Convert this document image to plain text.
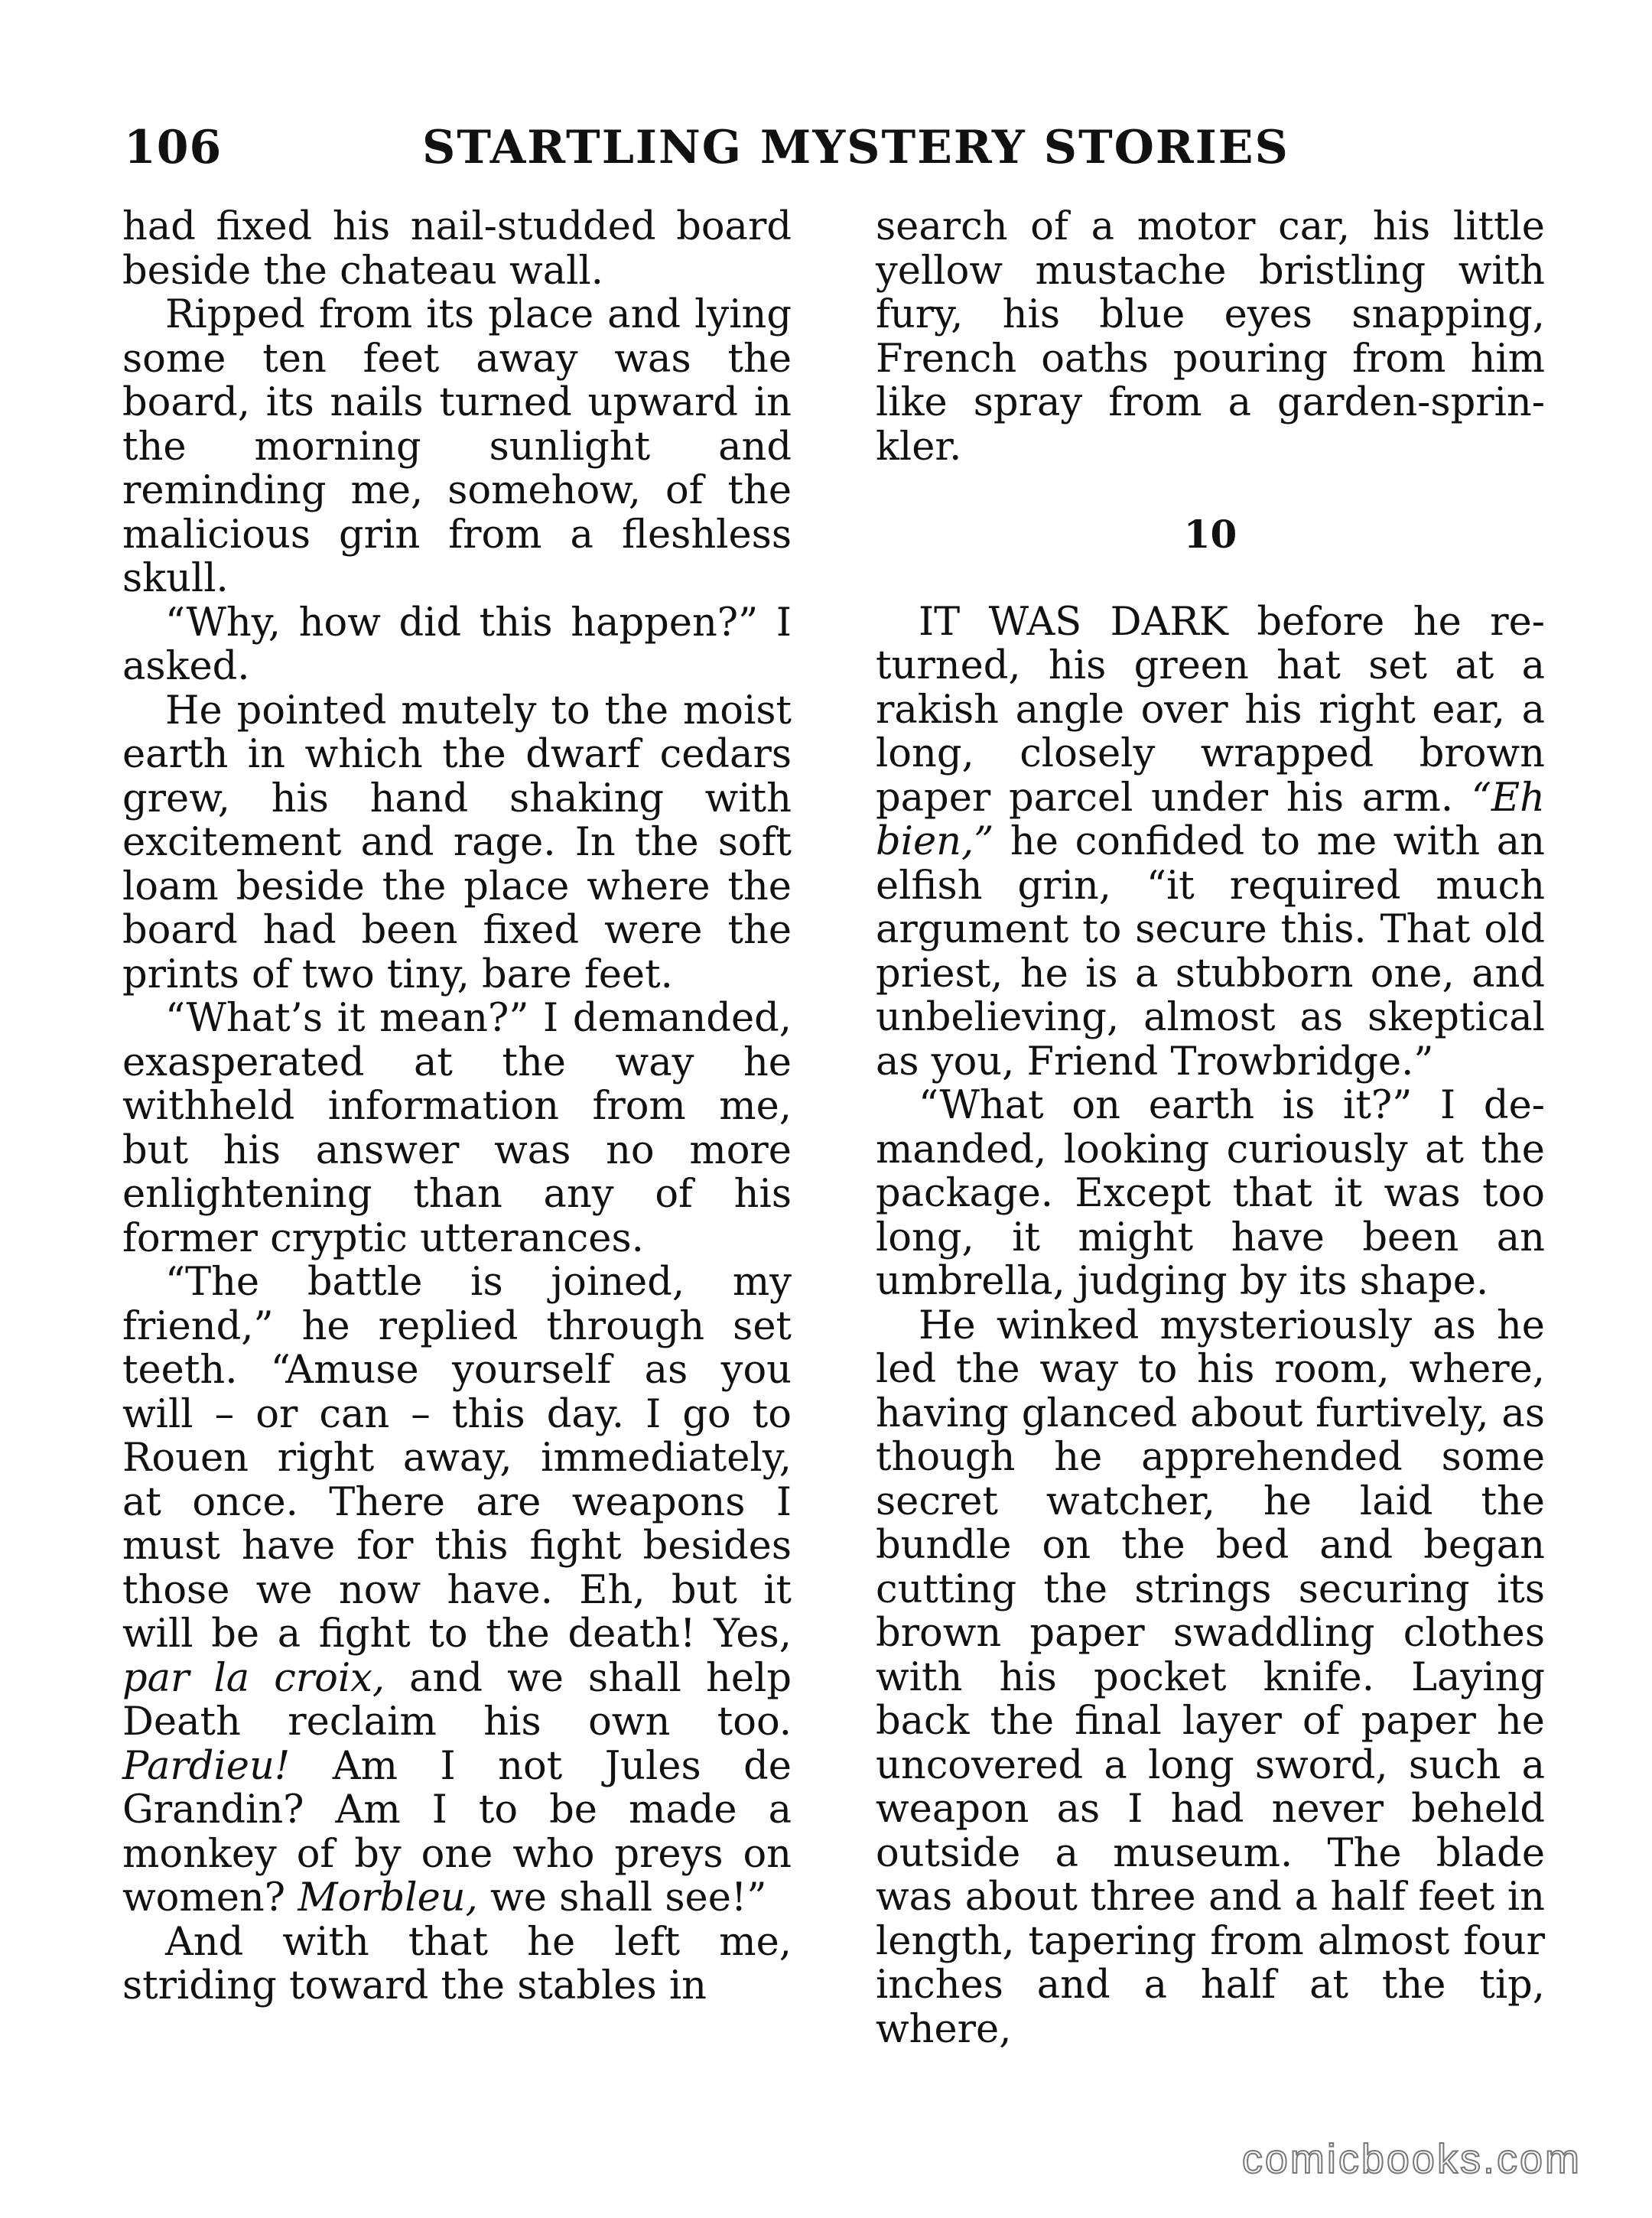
106	STARTLING MYSTERY STORIES

had fixed his nail-studded board beside the chateau wall.

Ripped from its place and lying some ten feet away was the board, its nails turned upward in the morning sunlight and reminding me, somehow, of the malicious grin from a fleshless skull.

“Why, how did this happen?” I asked.

He pointed mutely to the moist earth in which the dwarf cedars grew, his hand shaking with excitement and rage. In the soft loam beside the place where the board had been fixed were the prints of two tiny, bare feet.

“What’s it mean?” I demanded, exasperated at the way he withheld information from me, but his answer was no more enlightening than any of his former cryptic utterances.

“The battle is joined, my friend,” he replied through set teeth. “Amuse yourself as you will – or can – this day. I go to Rouen right away, immediately, at once. There are weapons I must have for this fight besides those we now have. Eh, but it will be a fight to the death! Yes, par la croix, and we shall help Death reclaim his own too. Pardieu! Am I not Jules de Grandin? Am I to be made a monkey of by one who preys on women? Morbleu, we shall see!”

And with that he left me, striding toward the stables in

search of a motor car, his little yellow mustache bristling with fury, his blue eyes snapping, French oaths pouring from him like spray from a garden-sprinkler.

10

IT WAS DARK before he returned, his green hat set at a rakish angle over his right ear, a long, closely wrapped brown paper parcel under his arm. “Eh bien,” he confided to me with an elfish grin, “it required much argument to secure this. That old priest, he is a stubborn one, and unbelieving, almost as skeptical as you, Friend Trowbridge.”

“What on earth is it?” I demanded, looking curiously at the package. Except that it was too long, it might have been an umbrella, judging by its shape.

He winked mysteriously as he led the way to his room, where, having glanced about furtively, as though he apprehended some secret watcher, he laid the bundle on the bed and began cutting the strings securing its brown paper swaddling clothes with his pocket knife. Laying back the final layer of paper he uncovered a long sword, such a weapon as I had never beheld outside a museum. The blade was about three and a half feet in length, tapering from almost four inches and a half at the tip, where,

comicbooks.com
